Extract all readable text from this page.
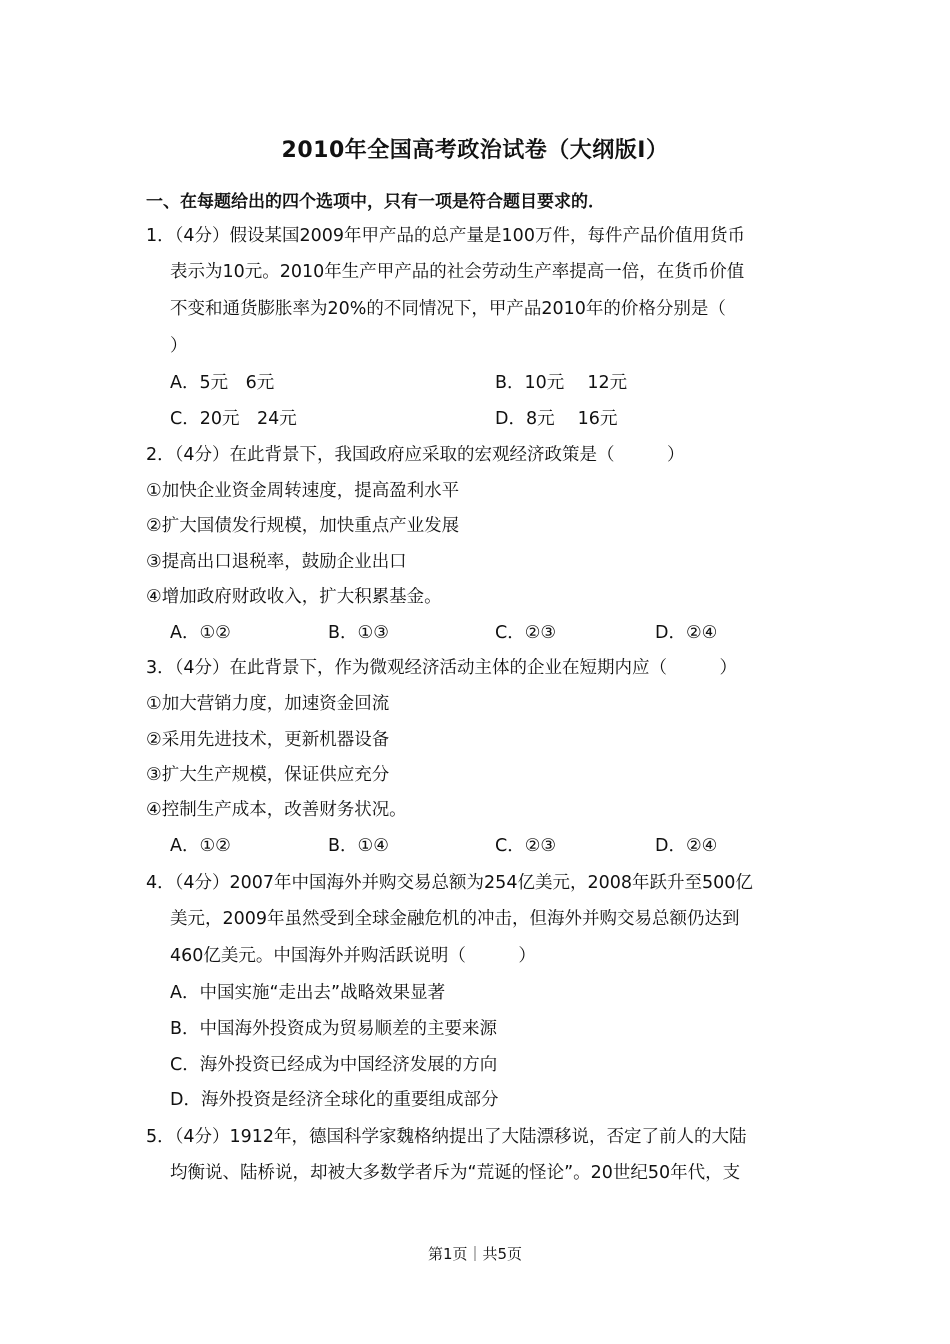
2010年全国高考政治试卷（大纲版Ⅰ）
一、在每题给出的四个选项中，只有一项是符合题目要求的．
1．（4分）假设某国2009年甲产品的总产量是100万件，每件产品价值用货币
表示为10元。2010年生产甲产品的社会劳动生产率提高一倍，在货币价值
不变和通货膨胀率为20%的不同情况下，甲产品2010年的价格分别是（
）
A．5元　6元	B．10元　 12元
C．20元　24元	D．8元　 16元
2．（4分）在此背景下，我国政府应采取的宏观经济政策是（　　　）
①加快企业资金周转速度，提高盈利水平
②扩大国债发行规模，加快重点产业发展
③提高出口退税率，鼓励企业出口
④增加政府财政收入，扩大积累基金。
A．①②	B．①③	C．②③	D．②④
3．（4分）在此背景下，作为微观经济活动主体的企业在短期内应（　　　）
①加大营销力度，加速资金回流
②采用先进技术，更新机器设备
③扩大生产规模，保证供应充分
④控制生产成本，改善财务状况。
A．①②	B．①④	C．②③	D．②④
4．（4分）2007年中国海外并购交易总额为254亿美元，2008年跃升至500亿
美元，2009年虽然受到全球金融危机的冲击，但海外并购交易总额仍达到
460亿美元。中国海外并购活跃说明（　　　）
A．中国实施“走出去”战略效果显著
B．中国海外投资成为贸易顺差的主要来源
C．海外投资已经成为中国经济发展的方向
D．海外投资是经济全球化的重要组成部分
5．（4分）1912年，德国科学家魏格纳提出了大陆漂移说，否定了前人的大陆
均衡说、陆桥说，却被大多数学者斥为“荒诞的怪论”。20世纪50年代，支
第1页｜共5页
